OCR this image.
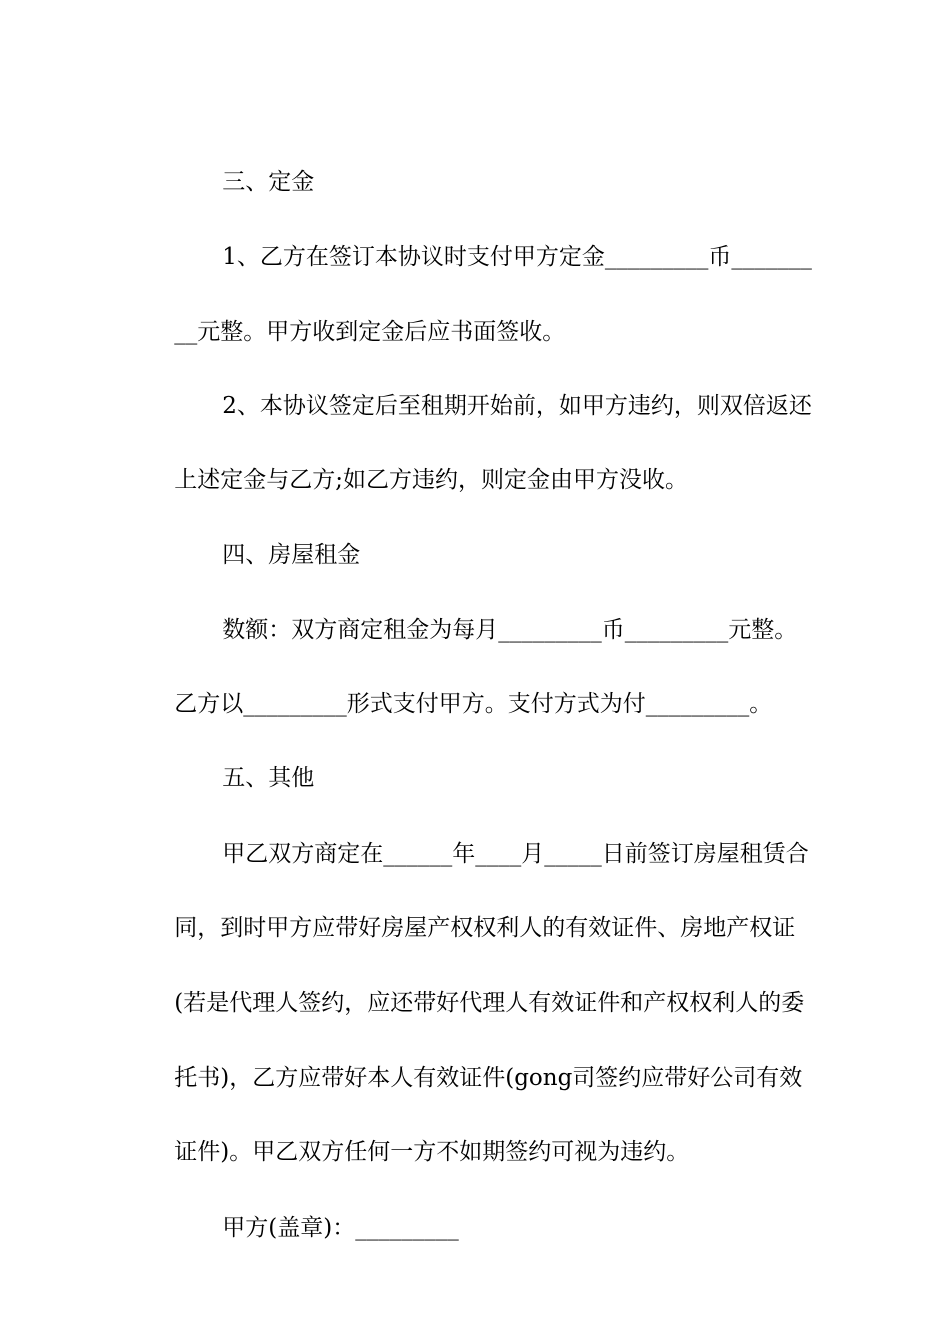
三、定金

1、乙方在签订本协议时支付甲方定金_________币_______

__元整。甲方收到定金后应书面签收。

2、本协议签定后至租期开始前，如甲方违约，则双倍返还

上述定金与乙方;如乙方违约，则定金由甲方没收。

四、房屋租金

数额：双方商定租金为每月_________币_________元整。

乙方以_________形式支付甲方。支付方式为付_________。

五、其他

甲乙双方商定在______年____月_____日前签订房屋租赁合

同，到时甲方应带好房屋产权权利人的有效证件、房地产权证

(若是代理人签约，应还带好代理人有效证件和产权权利人的委

托书)，乙方应带好本人有效证件(gong司签约应带好公司有效

证件)。甲乙双方任何一方不如期签约可视为违约。

甲方(盖章)：_________
